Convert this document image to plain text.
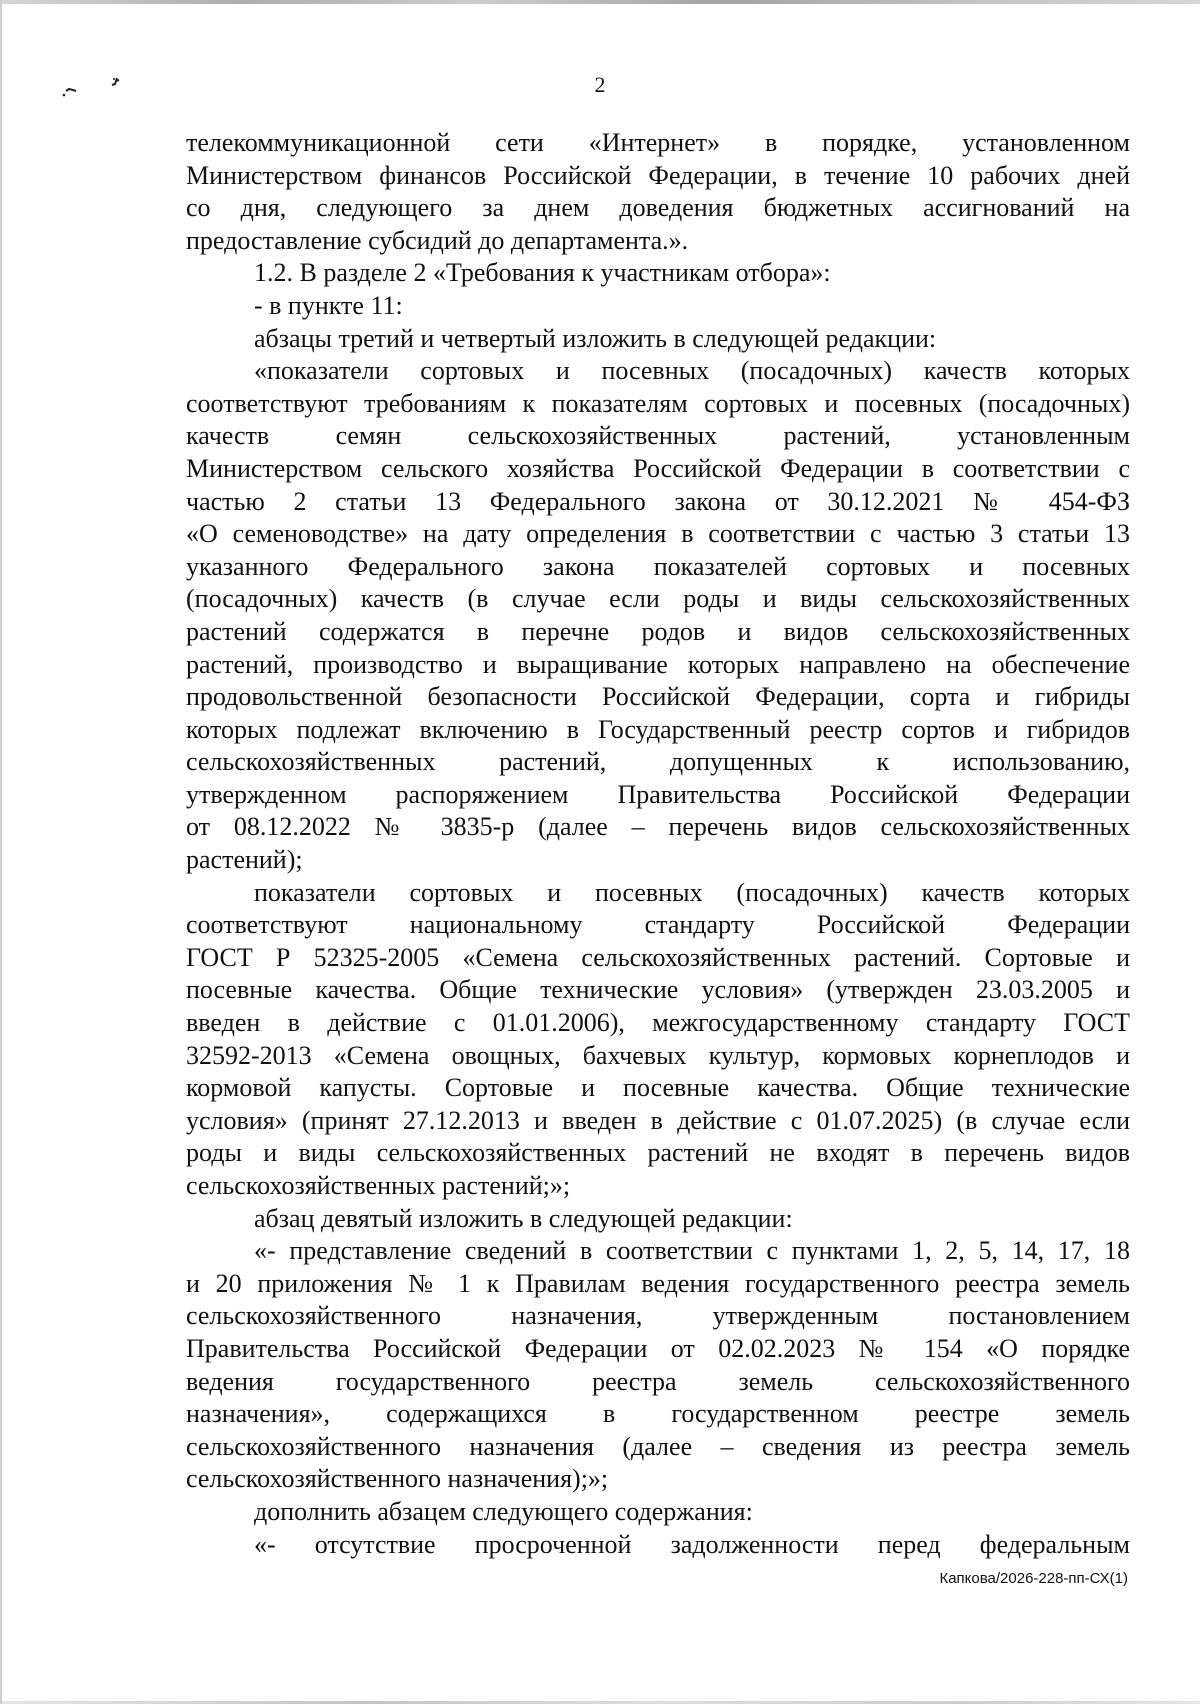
2

телекоммуникационной сети «Интернет» в порядке, установленном

Министерством финансов Российской Федерации, в течение 10 рабочих дней

со дня, следующего за днем доведения бюджетных ассигнований на

предоставление субсидий до департамента.».

1.2. В разделе 2 «Требования к участникам отбора»:

- в пункте 11:

абзацы третий и четвертый изложить в следующей редакции:

«показатели сортовых и посевных (посадочных) качеств которых

соответствуют требованиям к показателям сортовых и посевных (посадочных)

качеств семян сельскохозяйственных растений, установленным

Министерством сельского хозяйства Российской Федерации в соответствии с

частью 2 статьи 13 Федерального закона от 30.12.2021 № 454-ФЗ

«О семеноводстве» на дату определения в соответствии с частью 3 статьи 13

указанного Федерального закона показателей сортовых и посевных

(посадочных) качеств (в случае если роды и виды сельскохозяйственных

растений содержатся в перечне родов и видов сельскохозяйственных

растений, производство и выращивание которых направлено на обеспечение

продовольственной безопасности Российской Федерации, сорта и гибриды

которых подлежат включению в Государственный реестр сортов и гибридов

сельскохозяйственных растений, допущенных к использованию,

утвержденном распоряжением Правительства Российской Федерации

от 08.12.2022 № 3835-р (далее – перечень видов сельскохозяйственных

растений);

показатели сортовых и посевных (посадочных) качеств которых

соответствуют национальному стандарту Российской Федерации

ГОСТ Р 52325-2005 «Семена сельскохозяйственных растений. Сортовые и

посевные качества. Общие технические условия» (утвержден 23.03.2005 и

введен в действие с 01.01.2006), межгосударственному стандарту ГОСТ

32592-2013 «Семена овощных, бахчевых культур, кормовых корнеплодов и

кормовой капусты. Сортовые и посевные качества. Общие технические

условия» (принят 27.12.2013 и введен в действие с 01.07.2025) (в случае если

роды и виды сельскохозяйственных растений не входят в перечень видов

сельскохозяйственных растений;»;

абзац девятый изложить в следующей редакции:

«- представление сведений в соответствии с пунктами 1, 2, 5, 14, 17, 18

и 20 приложения № 1 к Правилам ведения государственного реестра земель

сельскохозяйственного назначения, утвержденным постановлением

Правительства Российской Федерации от 02.02.2023 № 154 «О порядке

ведения государственного реестра земель сельскохозяйственного

назначения», содержащихся в государственном реестре земель

сельскохозяйственного назначения (далее – сведения из реестра земель

сельскохозяйственного назначения);»;

дополнить абзацем следующего содержания:

«- отсутствие просроченной задолженности перед федеральным

Капкова/2026-228-пп-СХ(1)
